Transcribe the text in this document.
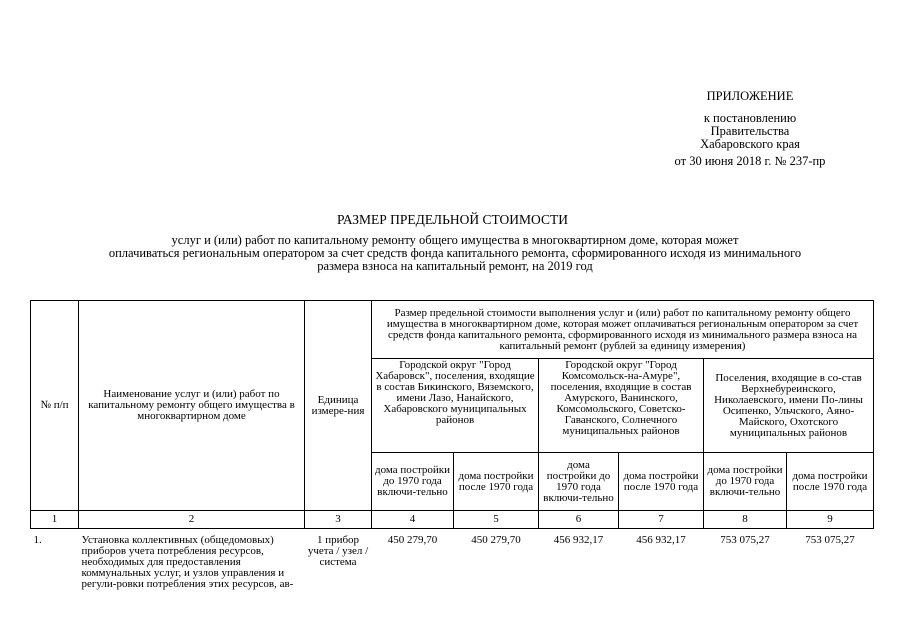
ПРИЛОЖЕНИЕ
к постановлению
Правительства
Хабаровского края
от 30 июня 2018 г. № 237-пр
РАЗМЕР ПРЕДЕЛЬНОЙ СТОИМОСТИ
услуг и (или) работ по капитальному ремонту общего имущества в многоквартирном доме, которая может
оплачиваться региональным оператором за счет средств фонда капитального ремонта, сформированного исходя из минимального
размера взноса на капитальный ремонт, на 2019 год
№ п/п	Наименование услуг и (или) работ по капитальному ремонту общего имущества в многоквартирном доме	Единица измере-ния	Размер предельной стоимости выполнения услуг и (или) работ по капитальному ремонту общего имущества в многоквартирном доме, которая может оплачиваться региональным оператором за счет средств фонда капитального ремонта, сформированного исходя из минимального размера взноса на капитальный ремонт (рублей за единицу измерения)					
			Городской округ "Город Хабаровск", поселения, входящие в состав Бикинского, Вяземского, имени Лазо, Нанайского, Хабаровского муниципальных районов		Городской округ "Город Комсомольск-на-Амуре", поселения, входящие в состав Амурского, Ванинского, Комсомольского, Советско-Гаванского, Солнечного муниципальных районов		Поселения, входящие в со-став Верхнебуреинского, Николаевского, имени По-лины Осипенко, Ульчского, Аяно-Майского, Охотского муниципальных районов	
			дома постройки до 1970 года включи-тельно	дома постройки после 1970 года	дома постройки до 1970 года включи-тельно	дома постройки после 1970 года	дома постройки до 1970 года включи-тельно	дома постройки после 1970 года
1	2	3	4	5	6	7	8	9
1.	Установка коллективных (общедомовых) приборов учета потребления ресурсов, необходимых для предоставления коммунальных услуг, и узлов управления и регули-ровки потребления этих ресурсов, ав-	1 прибор учета / узел / система	450 279,70	450 279,70	456 932,17	456 932,17	753 075,27	753 075,27
